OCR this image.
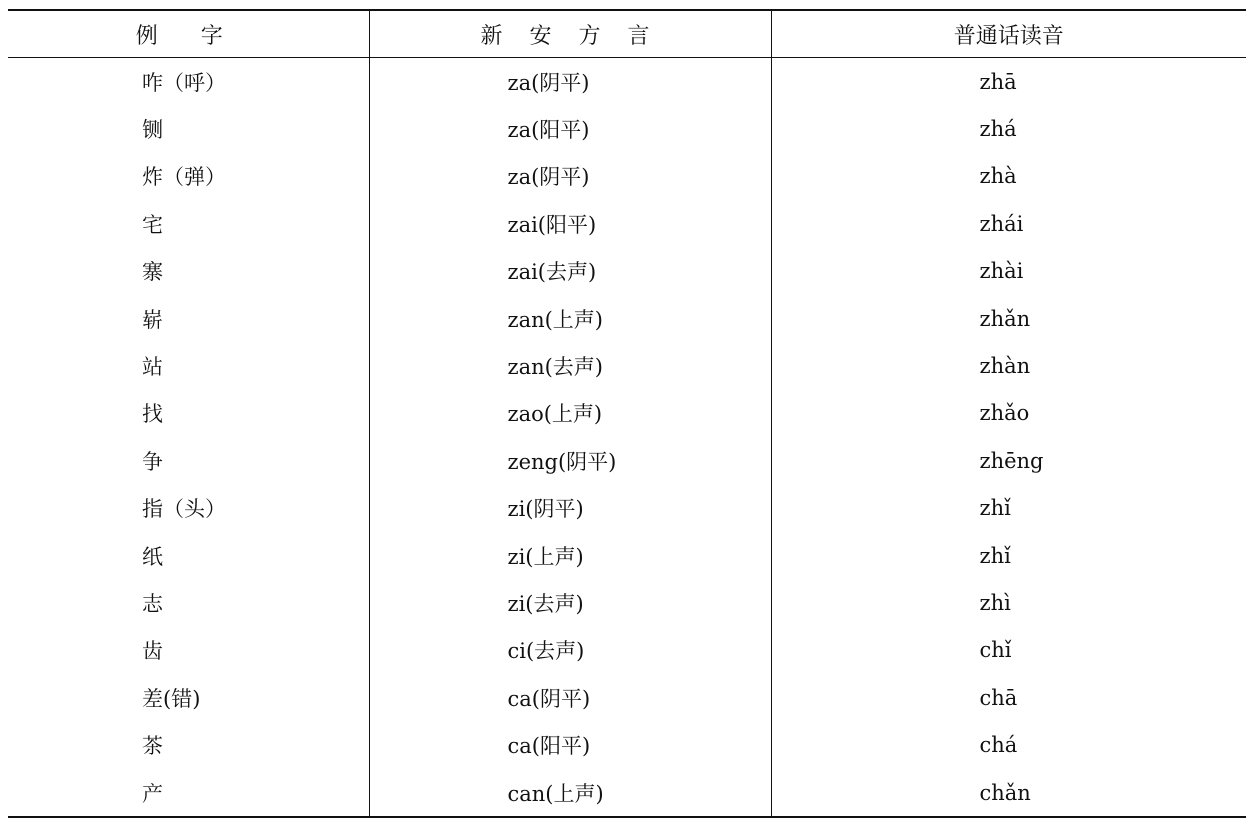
例 字	新 安 方 言	普通话读音
咋（呼）	za(阴平)	zhā
铡	za(阳平)	zhá
炸（弹）	za(阴平)	zhà
宅	zai(阳平)	zhái
寨	zai(去声)	zhài
崭	zan(上声)	zhǎn
站	zan(去声)	zhàn
找	zao(上声)	zhǎo
争	zeng(阴平)	zhēng
指（头）	zi(阴平)	zhǐ
纸	zi(上声)	zhǐ
志	zi(去声)	zhì
齿	ci(去声)	chǐ
差(错)	ca(阴平)	chā
茶	ca(阳平)	chá
产	can(上声)	chǎn
